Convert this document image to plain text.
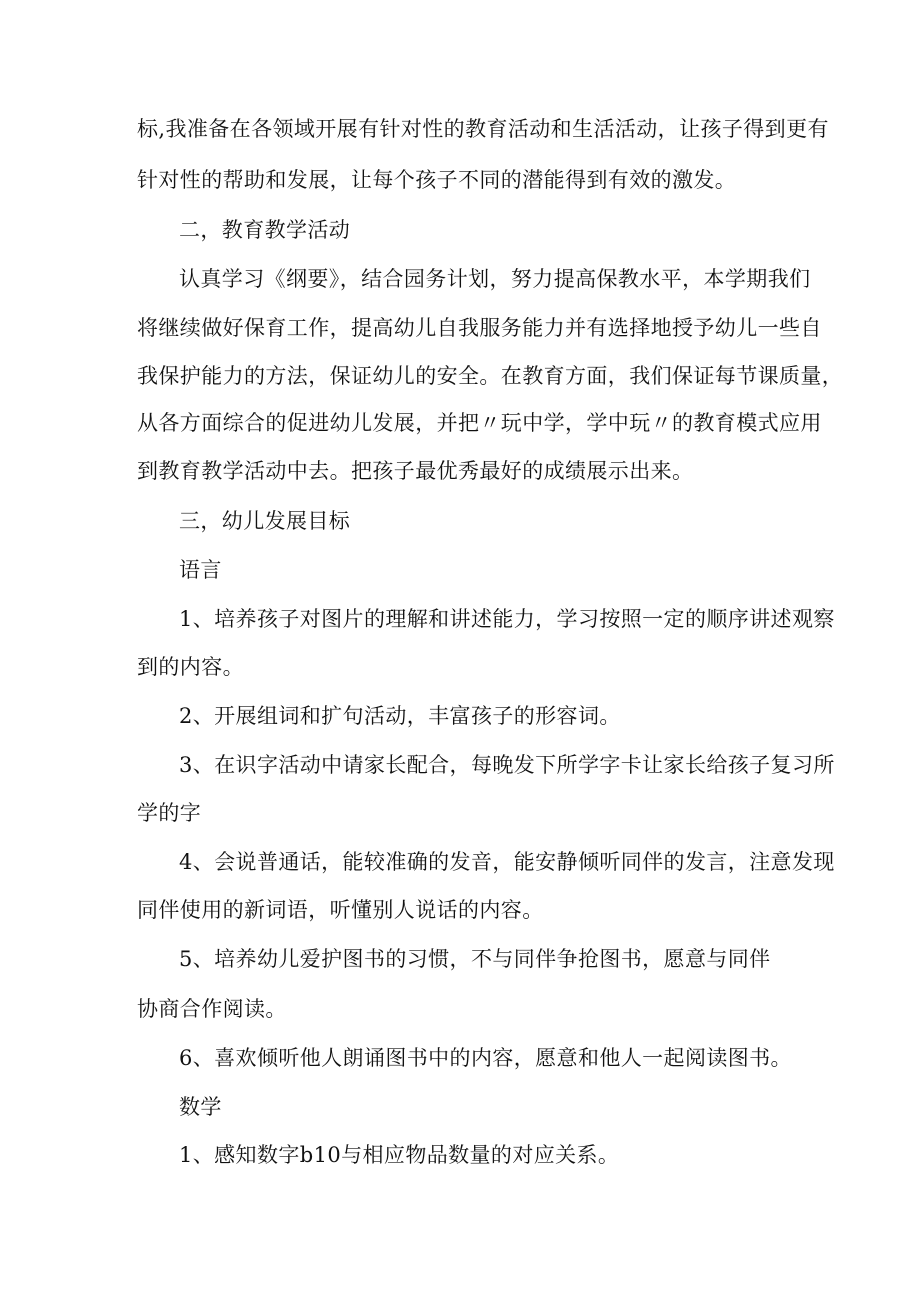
标,我准备在各领域开展有针对性的教育活动和生活活动，让孩子得到更有
针对性的帮助和发展，让每个孩子不同的潜能得到有效的激发。
二，教育教学活动
认真学习《纲要》，结合园务计划，努力提高保教水平，本学期我们
将继续做好保育工作，提高幼儿自我服务能力并有选择地授予幼儿一些自
我保护能力的方法，保证幼儿的安全。在教育方面，我们保证每节课质量，
从各方面综合的促进幼儿发展，并把〃玩中学，学中玩〃的教育模式应用
到教育教学活动中去。把孩子最优秀最好的成绩展示出来。
三，幼儿发展目标
语言
1、培养孩子对图片的理解和讲述能力，学习按照一定的顺序讲述观察
到的内容。
2、开展组词和扩句活动，丰富孩子的形容词。
3、在识字活动中请家长配合，每晚发下所学字卡让家长给孩子复习所
学的字
4、会说普通话，能较准确的发音，能安静倾听同伴的发言，注意发现
同伴使用的新词语，听懂别人说话的内容。
5、培养幼儿爱护图书的习惯，不与同伴争抢图书，愿意与同伴
协商合作阅读。
6、喜欢倾听他人朗诵图书中的内容，愿意和他人一起阅读图书。
数学
1、感知数字b10与相应物品数量的对应关系。
